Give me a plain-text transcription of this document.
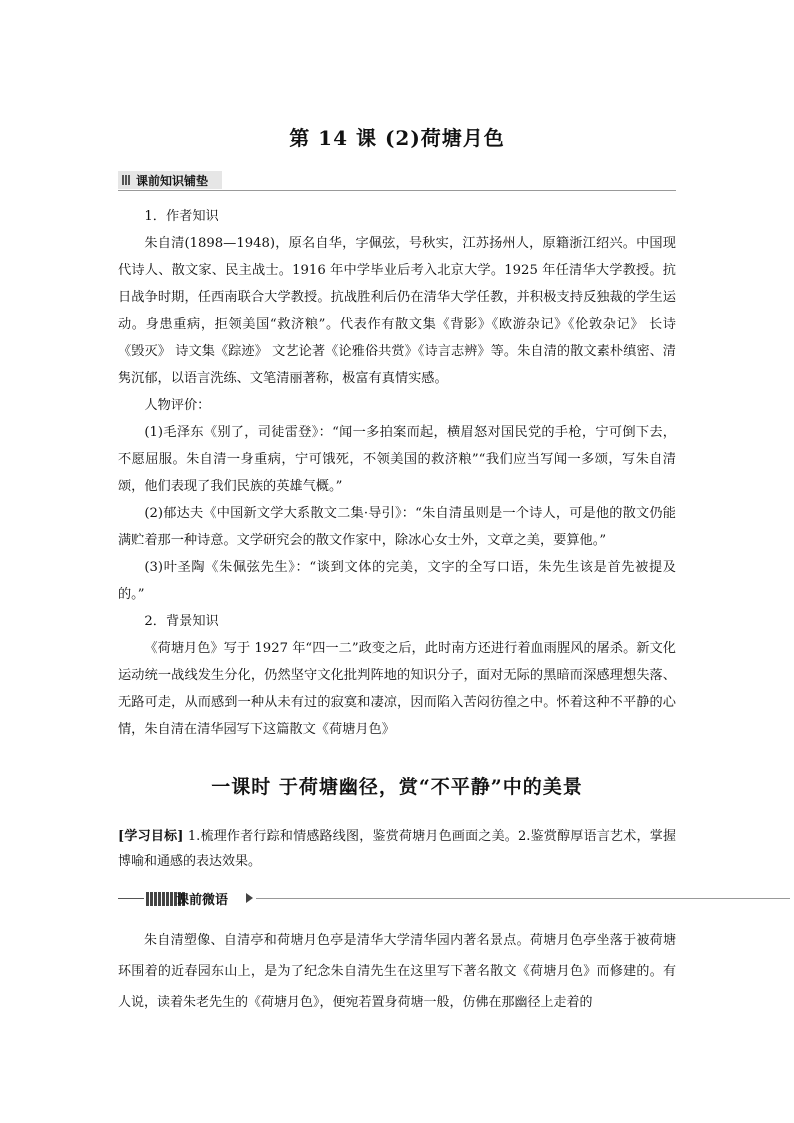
第 14 课 (2)荷塘月色
课前知识铺垫

1．作者知识

朱自清(1898—1948)，原名自华，字佩弦，号秋实，江苏扬州人，原籍浙江绍兴。中国现代诗人、散文家、民主战士。1916 年中学毕业后考入北京大学。1925 年任清华大学教授。抗日战争时期，任西南联合大学教授。抗战胜利后仍在清华大学任教，并积极支持反独裁的学生运动。身患重病，拒领美国“救济粮”。代表作有散文集《背影》《欧游杂记》《伦敦杂记》 长诗《毁灭》 诗文集《踪迹》 文艺论著《论雅俗共赏》《诗言志辨》等。朱自清的散文素朴缜密、清隽沉郁，以语言洗练、文笔清丽著称，极富有真情实感。

人物评价：

(1)毛泽东《别了，司徒雷登》：“闻一多拍案而起，横眉怒对国民党的手枪，宁可倒下去，不愿屈服。朱自清一身重病，宁可饿死，不领美国的救济粮”“我们应当写闻一多颂，写朱自清颂，他们表现了我们民族的英雄气概。”

(2)郁达夫《中国新文学大系散文二集·导引》：“朱自清虽则是一个诗人，可是他的散文仍能满贮着那一种诗意。文学研究会的散文作家中，除冰心女士外，文章之美，要算他。”

(3)叶圣陶《朱佩弦先生》：“谈到文体的完美，文字的全写口语，朱先生该是首先被提及的。”

2．背景知识

《荷塘月色》写于 1927 年“四一二”政变之后，此时南方还进行着血雨腥风的屠杀。新文化运动统一战线发生分化，仍然坚守文化批判阵地的知识分子，面对无际的黑暗而深感理想失落、无路可走，从而感到一种从未有过的寂寞和凄凉，因而陷入苦闷彷徨之中。怀着这种不平静的心情，朱自清在清华园写下这篇散文《荷塘月色》

一课时 于荷塘幽径，赏“不平静”中的美景
[学习目标] 1.梳理作者行踪和情感路线图，鉴赏荷塘月色画面之美。2.鉴赏醇厚语言艺术，掌握博喻和通感的表达效果。
课前微语

朱自清塑像、自清亭和荷塘月色亭是清华大学清华园内著名景点。荷塘月色亭坐落于被荷塘环围着的近春园东山上，是为了纪念朱自清先生在这里写下著名散文《荷塘月色》而修建的。有人说，读着朱老先生的《荷塘月色》，便宛若置身荷塘一般，仿佛在那幽径上走着的
